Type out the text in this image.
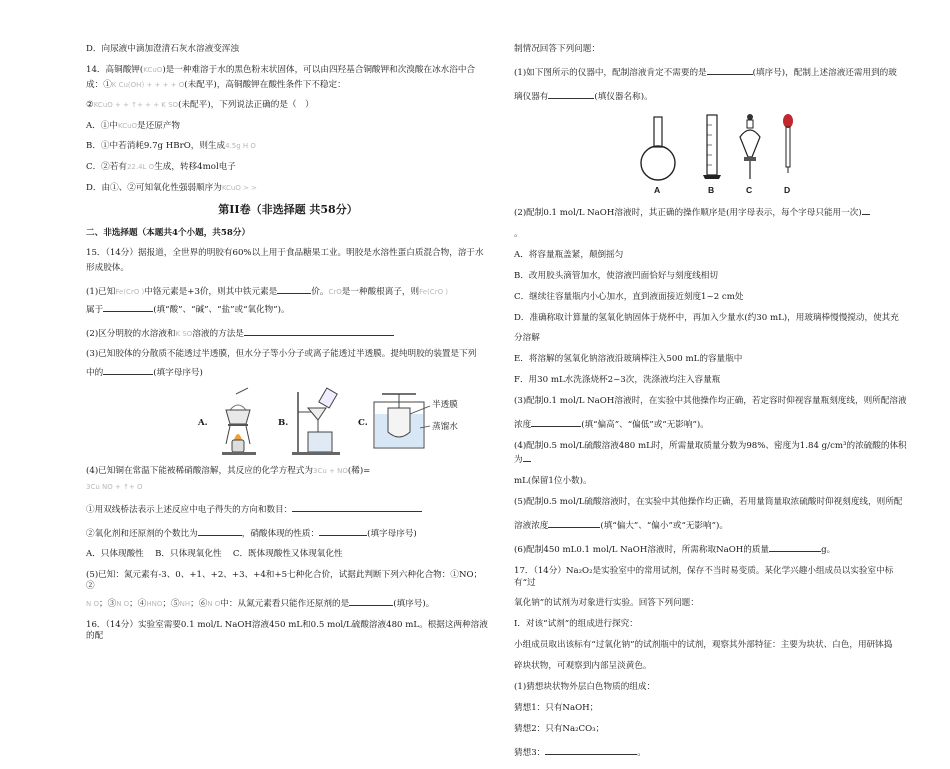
D．向尿液中滴加澄清石灰水溶液变浑浊
14．高铜酸钾(KCuO)是一种难溶于水的黑色粉末状固体，可以由四羟基合铜酸钾和次溴酸在冰水浴中合
成：①K Cu(OH) + + + + O(未配平)，高铜酸钾在酸性条件下不稳定：
②KCuO + + ↑+ + + K SO(未配平)，下列说法正确的是（　）
A．①中KCuO是还原产物
B．①中若消耗9.7g HBrO，则生成4.5g H O
C．②若有22.4L O生成，转移4mol电子
D．由①、②可知氧化性强弱顺序为KCuO > >
第II卷（非选择题 共58分）
二、非选择题（本题共4个小题，共58分）
15．（14分）据报道，全世界的明胶有60%以上用于食品糖果工业。明胶是水溶性蛋白质混合物，溶于水
形成胶体。
(1)已知Fe(CrO )中铬元素是+3价，则其中铁元素是	价。CrO是一种酸根离子，则Fe(CrO )
属于	(填“酸”、“碱”、“盐”或“氧化物”)。
(2)区分明胶的水溶液和K SO溶液的方法是
(3)已知胶体的分散质不能透过半透膜，但水分子等小分子或离子能透过半透膜。提纯明胶的装置是下列
中的	(填字母序号)
A.	B.	C.
半透膜
蒸馏水
(4)已知铜在常温下能被稀硝酸溶解，其反应的化学方程式为3Cu + NO(稀)=
3Cu NO + ↑+ O
①用双线桥法表示上述反应中电子得失的方向和数目：
②氧化剂和还原剂的个数比为	，硝酸体现的性质：	(填字母序号)
A．只体现酸性　 B．只体现氧化性　 C．既体现酸性又体现氧化性
(5)已知：氮元素有-3、0、+1、+2、+3、+4和+5七种化合价，试据此判断下列六种化合物：①NO；②
N O；③N O；④HNO；⑤NH；⑥N O中：从氮元素看只能作还原剂的是	(填序号)。
16．（14分）实验室需要0.1 mol/L NaOH溶液450 mL和0.5 mol/L硫酸溶液480 mL。根据这两种溶液的配
制情况回答下列问题：
(1)如下图所示的仪器中，配制溶液肯定不需要的是	(填序号)，配制上述溶液还需用到的玻
璃仪器有	(填仪器名称)。
A	B	C	D
(2)配制0.1 mol/L NaOH溶液时，其正确的操作顺序是(用字母表示，每个字母只能用一次)
。
A．将容量瓶盖紧，颠倒摇匀
B．改用胶头滴管加水，使溶液凹面恰好与刻度线相切
C．继续往容量瓶内小心加水，直到液面接近刻度1~2 cm处
D．准确称取计算量的氢氧化钠固体于烧杯中，再加入少量水(约30 mL)，用玻璃棒慢慢搅动，使其充
分溶解
E．将溶解的氢氧化钠溶液沿玻璃棒注入500 mL的容量瓶中
F．用30 mL水洗涤烧杯2~3次，洗涤液均注入容量瓶
(3)配制0.1 mol/L NaOH溶液时，在实验中其他操作均正确，若定容时仰视容量瓶刻度线，则所配溶液
浓度	(填“偏高”、“偏低”或“无影响”)。
(4)配制0.5 mol/L硫酸溶液480 mL时，所需量取质量分数为98%、密度为1.84 g/cm³的浓硫酸的体积为
mL(保留1位小数)。
(5)配制0.5 mol/L硫酸溶液时，在实验中其他操作均正确，若用量筒量取浓硫酸时仰视刻度线，则所配
溶液浓度	(填“偏大”、“偏小”或“无影响”)。
(6)配制450 mL0.1 mol/L NaOH溶液时，所需称取NaOH的质量	g。
17．（14分）Na₂O₂是实验室中的常用试剂，保存不当时易变质。某化学兴趣小组成员以实验室中标有“过
氧化钠”的试剂为对象进行实验。回答下列问题：
Ⅰ．对该“试剂”的组成进行探究：
小组成员取出该标有“过氧化钠”的试剂瓶中的试剂，观察其外部特征：主要为块状、白色，用研钵捣
碎块状物，可观察到内部呈淡黄色。
(1)猜想块状物外层白色物质的组成：
猜想1：只有NaOH；
猜想2：只有Na₂CO₃；
猜想3：	。
